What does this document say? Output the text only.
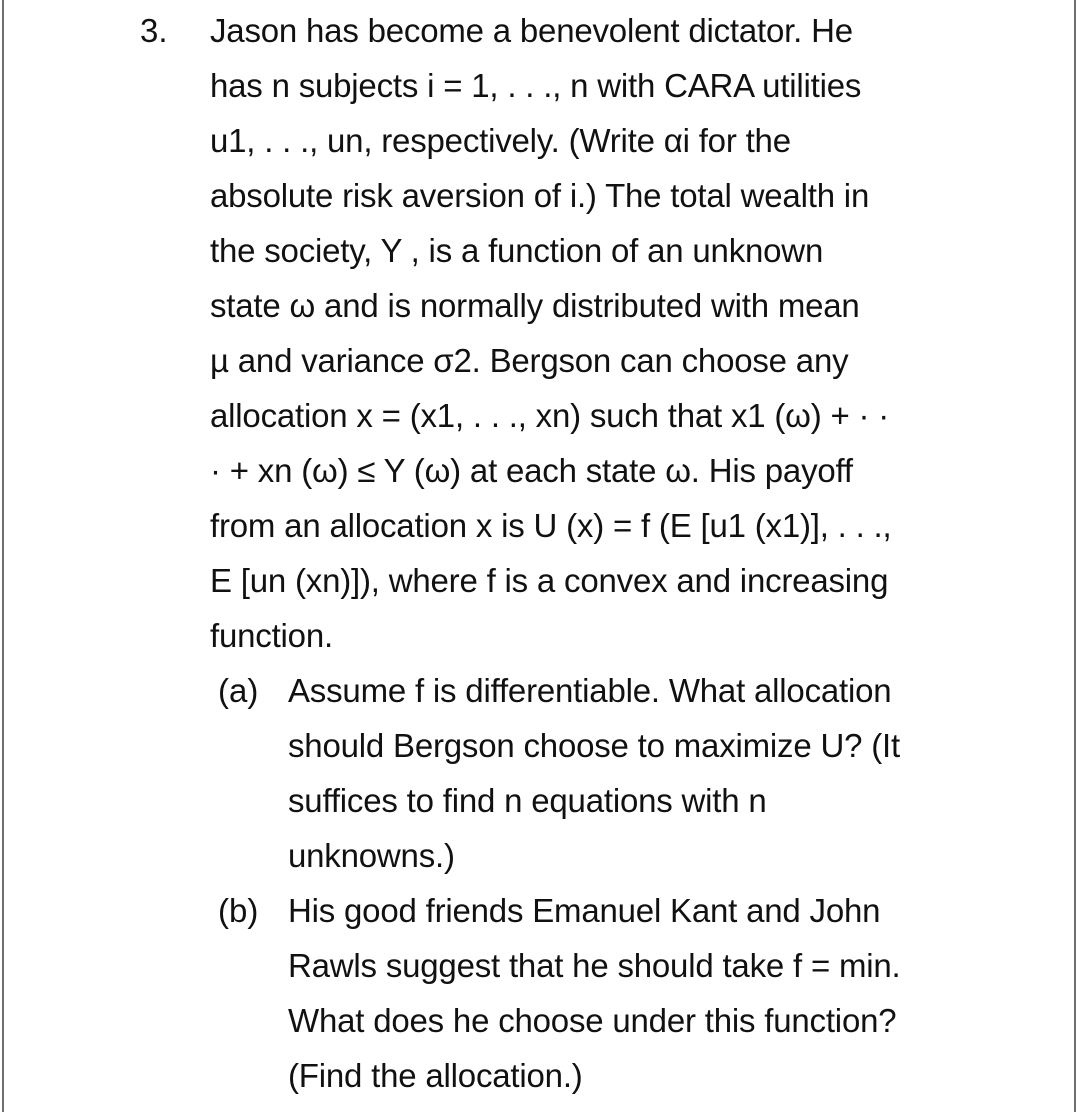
3. Jason has become a benevolent dictator. He
has n subjects i = 1, . . ., n with CARA utilities
u1, . . ., un, respectively. (Write αi for the
absolute risk aversion of i.) The total wealth in
the society, Y , is a function of an unknown
state ω and is normally distributed with mean
µ and variance σ2. Bergson can choose any
allocation x = (x1, . . ., xn) such that x1 (ω) + · ·
· + xn (ω) ≤ Y (ω) at each state ω. His payoff
from an allocation x is U (x) = f (E [u1 (x1)], . . .,
E [un (xn)]), where f is a convex and increasing
function.
(a) Assume f is differentiable. What allocation
should Bergson choose to maximize U? (It
suffices to find n equations with n
unknowns.)
(b) His good friends Emanuel Kant and John
Rawls suggest that he should take f = min.
What does he choose under this function?
(Find the allocation.)
